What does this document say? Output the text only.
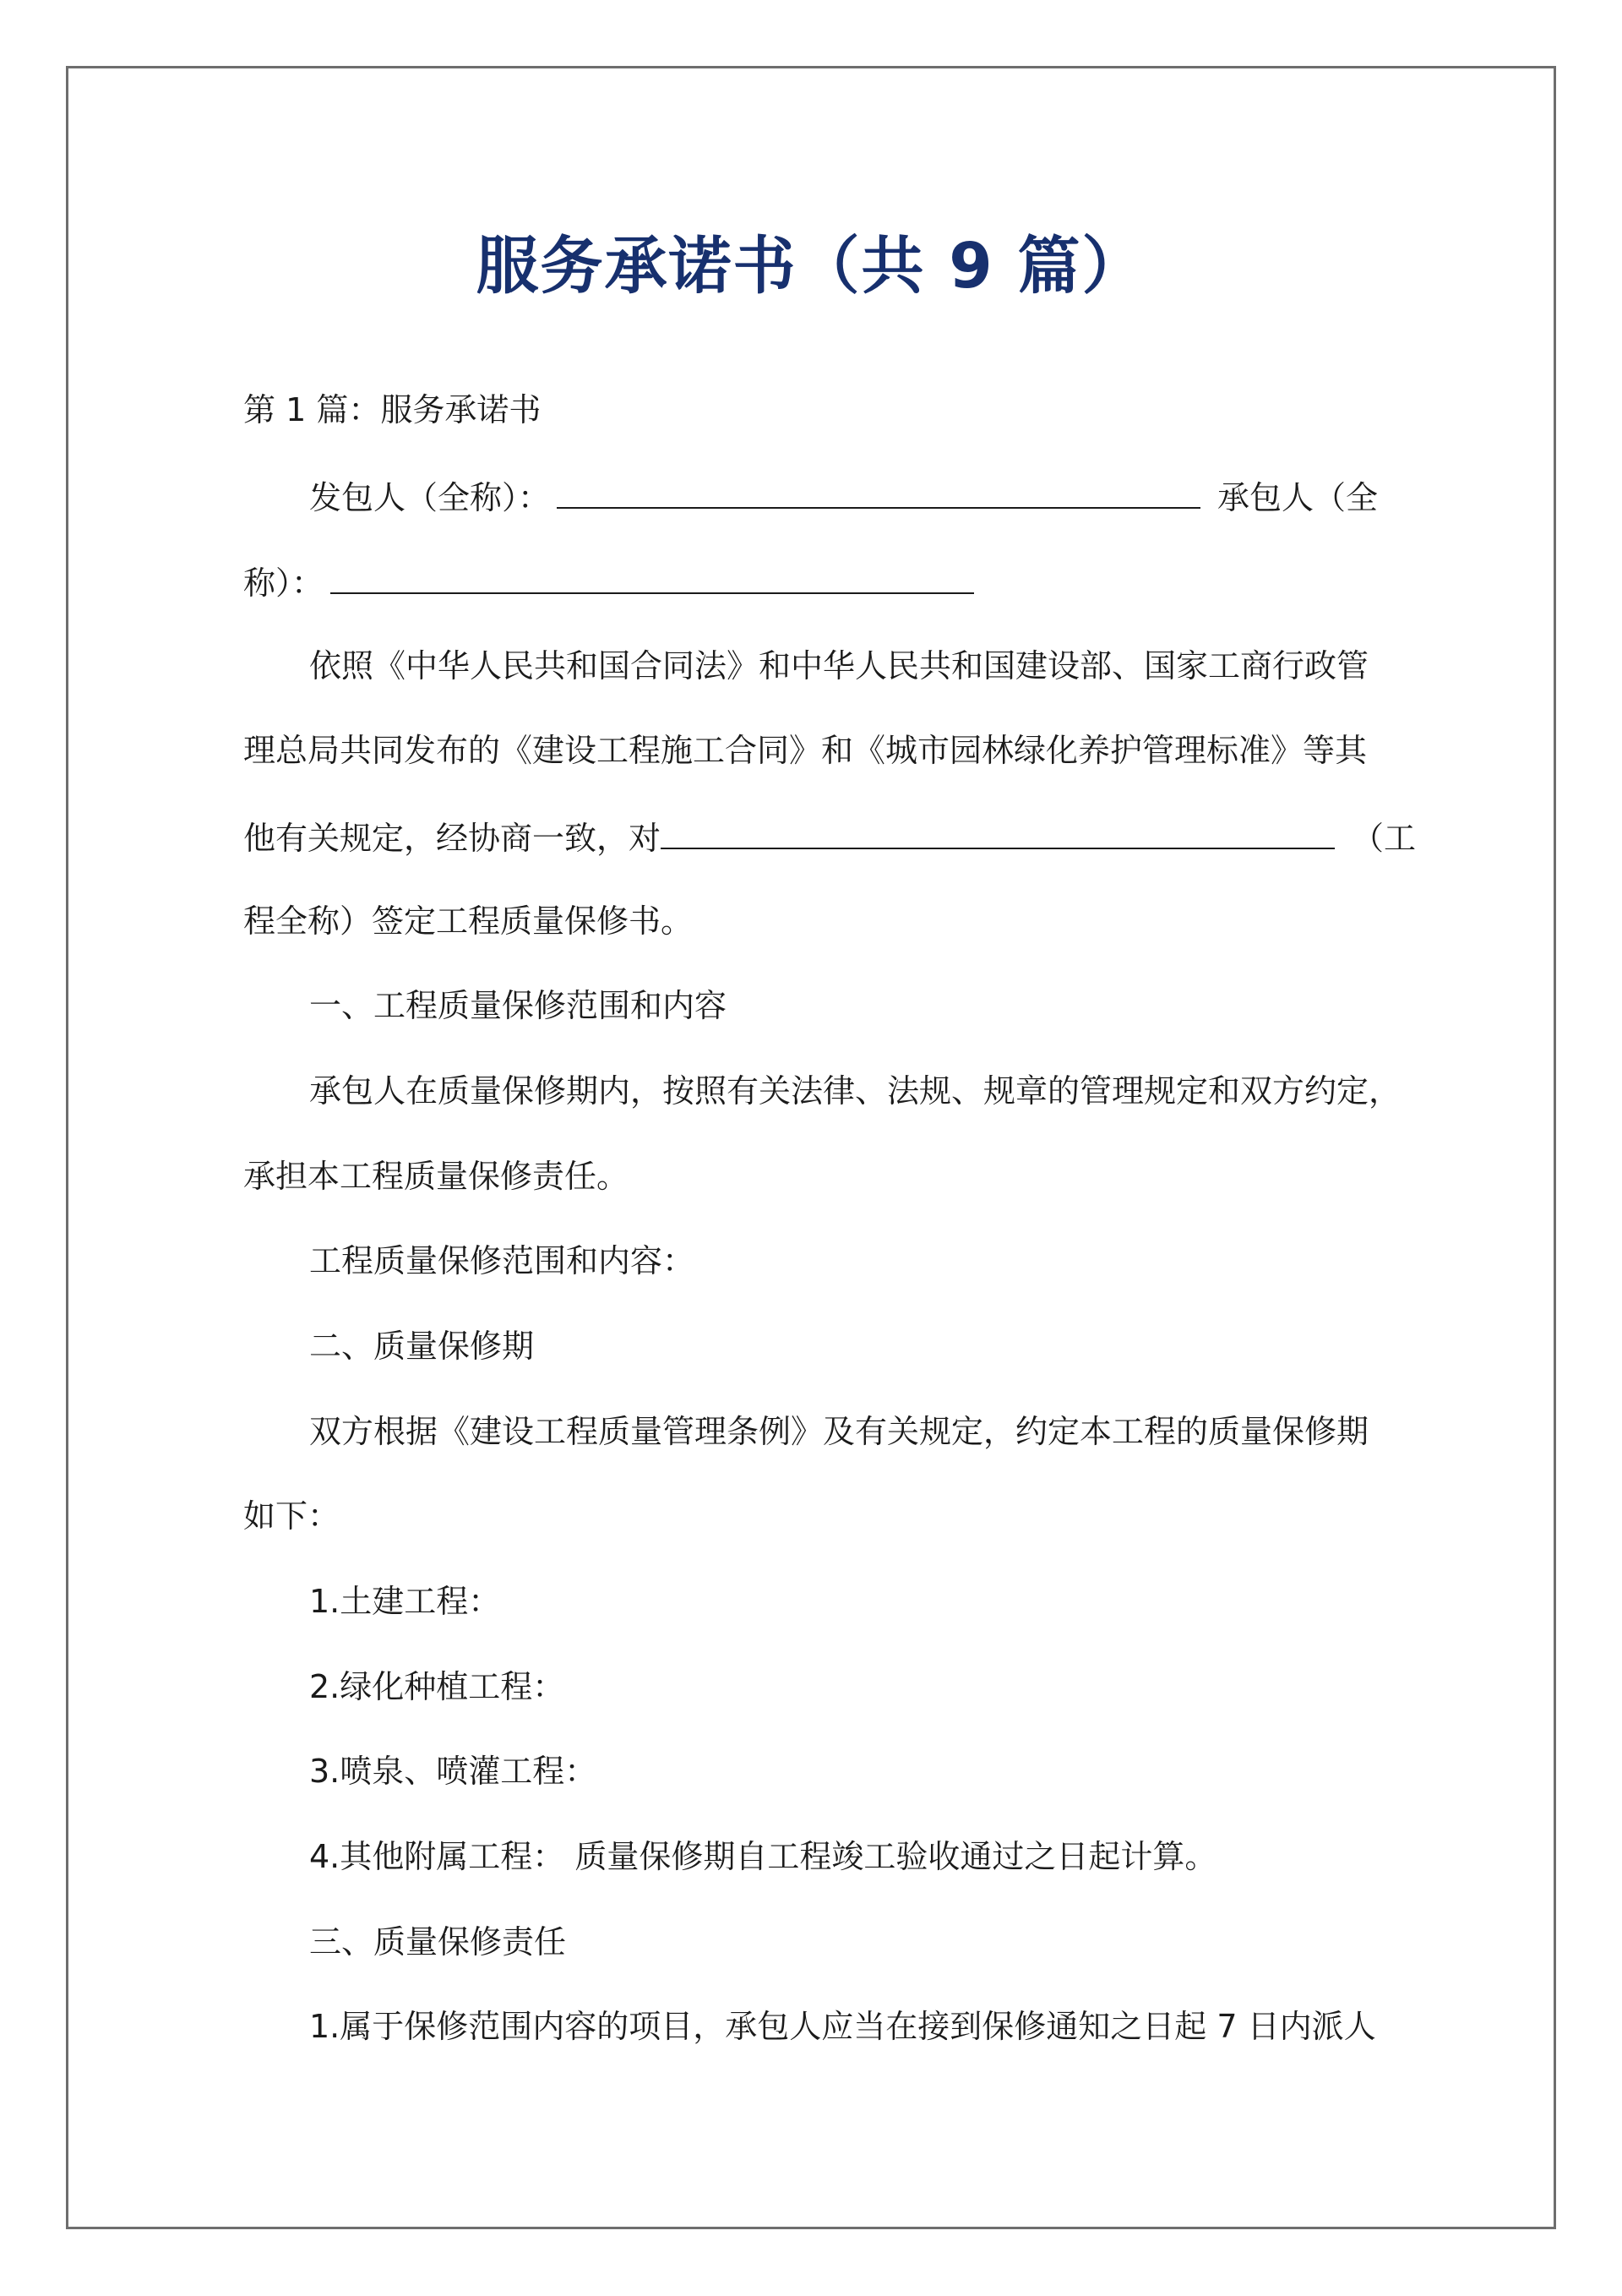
服务承诺书（共 9 篇）
第 1 篇：服务承诺书
发包人（全称）：	承包人（全
称）：
依照《中华人民共和国合同法》和中华人民共和国建设部、国家工商行政管
理总局共同发布的《建设工程施工合同》和《城市园林绿化养护管理标准》等其
他有关规定，经协商一致，对	（工
程全称）签定工程质量保修书。
一、工程质量保修范围和内容
承包人在质量保修期内，按照有关法律、法规、规章的管理规定和双方约定，
承担本工程质量保修责任。
工程质量保修范围和内容：
二、质量保修期
双方根据《建设工程质量管理条例》及有关规定，约定本工程的质量保修期
如下：
1.土建工程：
2.绿化种植工程：
3.喷泉、喷灌工程：
4.其他附属工程： 质量保修期自工程竣工验收通过之日起计算。
三、质量保修责任
1.属于保修范围内容的项目，承包人应当在接到保修通知之日起 7 日内派人
